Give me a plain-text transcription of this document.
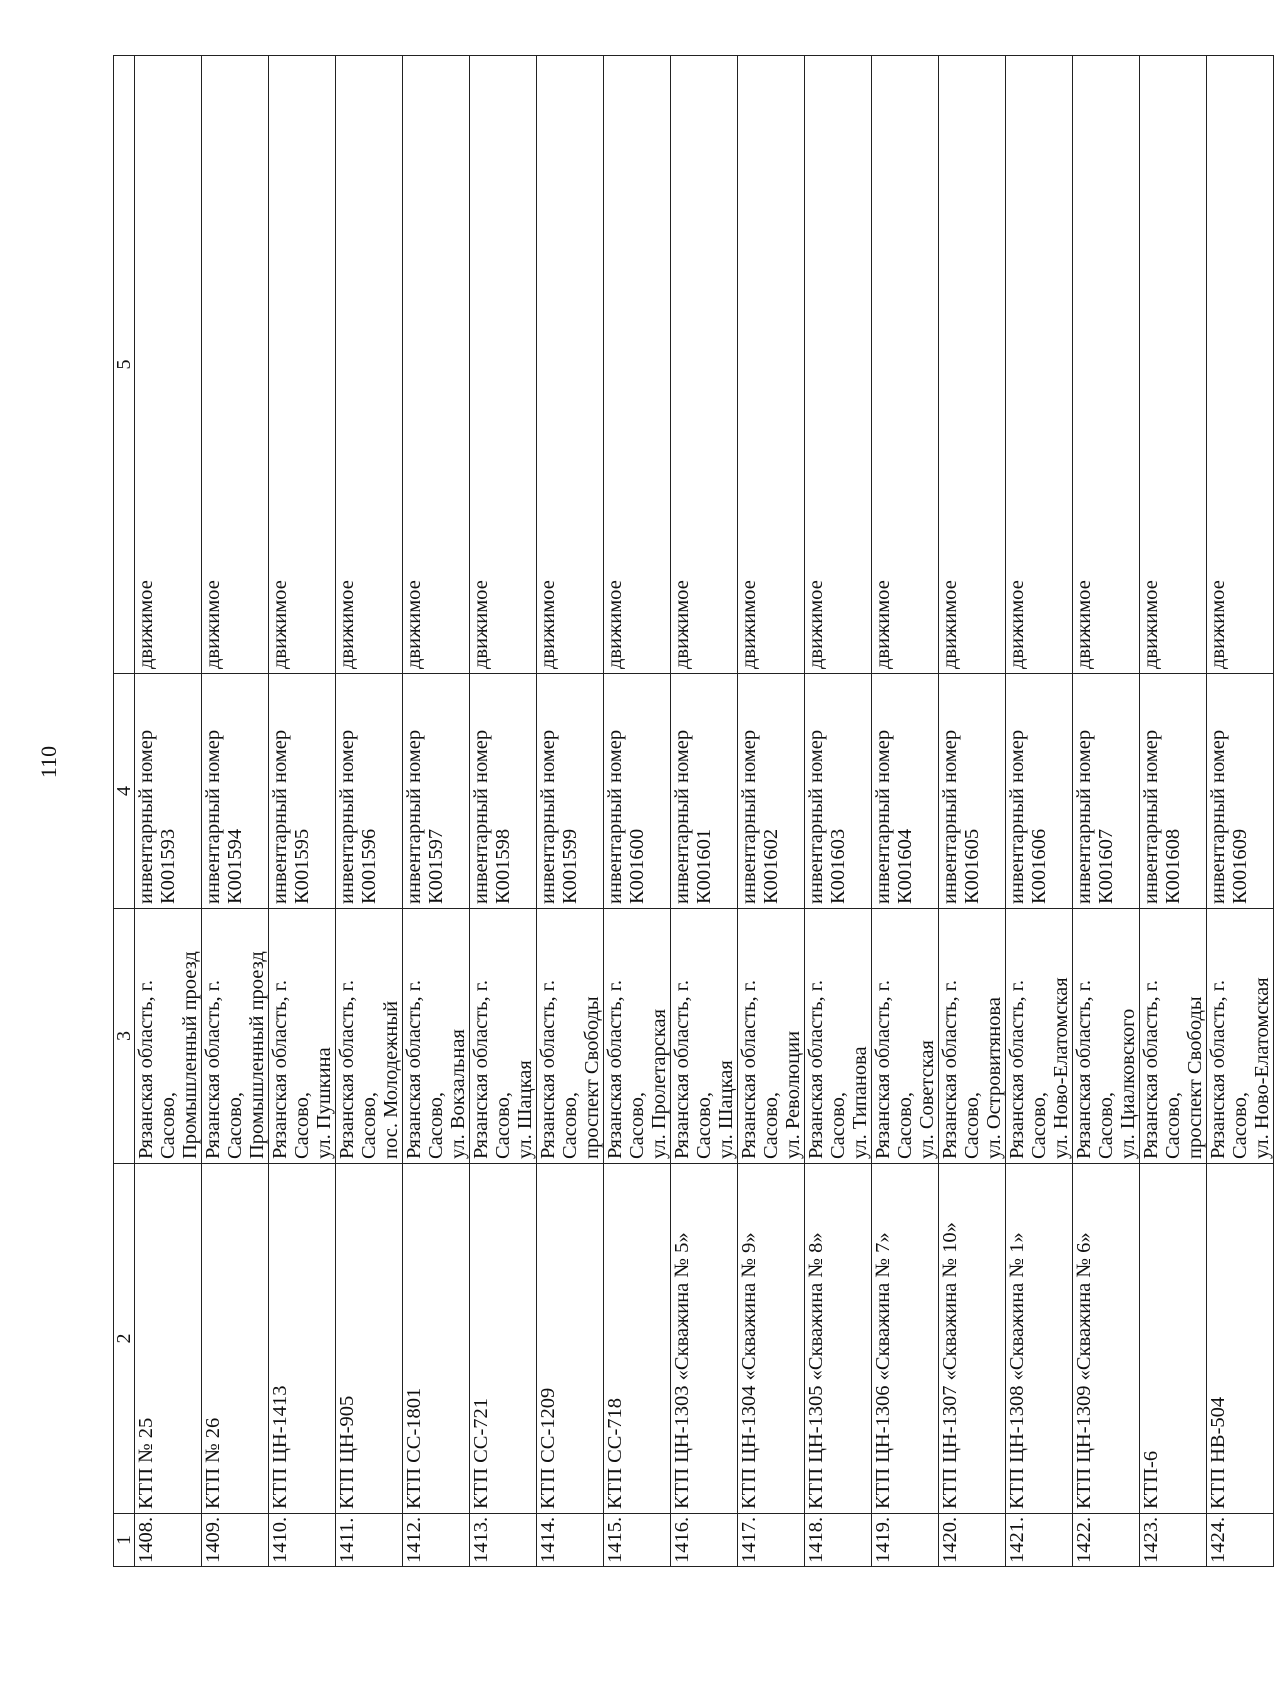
110
1	2	3	4	5
1408.	КТП № 25	Рязанская область, г. Сасово, Промышленный проезд	инвентарный номер К001593	движимое
1409.	КТП № 26	Рязанская область, г. Сасово, Промышленный проезд	инвентарный номер К001594	движимое
1410.	КТП ЦН-1413	Рязанская область, г. Сасово, ул. Пушкина	инвентарный номер К001595	движимое
1411.	КТП ЦН-905	Рязанская область, г. Сасово, пос. Молодежный	инвентарный номер К001596	движимое
1412.	КТП СС-1801	Рязанская область, г. Сасово, ул. Вокзальная	инвентарный номер К001597	движимое
1413.	КТП СС-721	Рязанская область, г. Сасово, ул. Шацкая	инвентарный номер К001598	движимое
1414.	КТП СС-1209	Рязанская область, г. Сасово, проспект Свободы	инвентарный номер К001599	движимое
1415.	КТП СС-718	Рязанская область, г. Сасово, ул. Пролетарская	инвентарный номер К001600	движимое
1416.	КТП ЦН-1303 «Скважина № 5»	Рязанская область, г. Сасово, ул. Шацкая	инвентарный номер К001601	движимое
1417.	КТП ЦН-1304 «Скважина № 9»	Рязанская область, г. Сасово, ул. Революции	инвентарный номер К001602	движимое
1418.	КТП ЦН-1305 «Скважина № 8»	Рязанская область, г. Сасово, ул. Типанова	инвентарный номер К001603	движимое
1419.	КТП ЦН-1306 «Скважина № 7»	Рязанская область, г. Сасово, ул. Советская	инвентарный номер К001604	движимое
1420.	КТП ЦН-1307 «Скважина № 10»	Рязанская область, г. Сасово, ул. Островитянова	инвентарный номер К001605	движимое
1421.	КТП ЦН-1308 «Скважина № 1»	Рязанская область, г. Сасово, ул. Ново-Елатомская	инвентарный номер К001606	движимое
1422.	КТП ЦН-1309 «Скважина № 6»	Рязанская область, г. Сасово, ул. Циалковского	инвентарный номер К001607	движимое
1423.	КТП-6	Рязанская область, г. Сасово, проспект Свободы	инвентарный номер К001608	движимое
1424.	КТП НВ-504	Рязанская область, г. Сасово, ул. Ново-Елатомская	инвентарный номер К001609	движимое
